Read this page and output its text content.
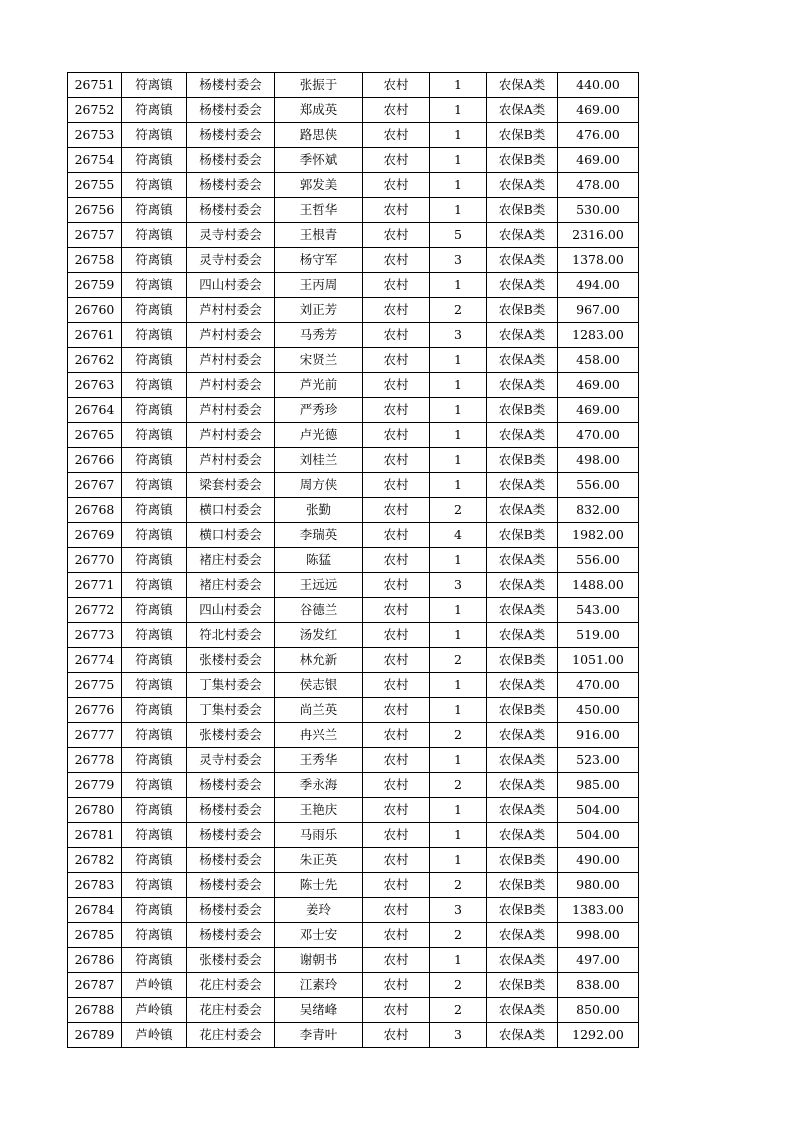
26751	符离镇	杨楼村委会	张振于	农村	1	农保A类	440.00
26752	符离镇	杨楼村委会	郑成英	农村	1	农保A类	469.00
26753	符离镇	杨楼村委会	路思侠	农村	1	农保B类	476.00
26754	符离镇	杨楼村委会	季怀斌	农村	1	农保B类	469.00
26755	符离镇	杨楼村委会	郭发美	农村	1	农保A类	478.00
26756	符离镇	杨楼村委会	王哲华	农村	1	农保B类	530.00
26757	符离镇	灵寺村委会	王根青	农村	5	农保A类	2316.00
26758	符离镇	灵寺村委会	杨守军	农村	3	农保A类	1378.00
26759	符离镇	四山村委会	王丙周	农村	1	农保A类	494.00
26760	符离镇	芦村村委会	刘正芳	农村	2	农保B类	967.00
26761	符离镇	芦村村委会	马秀芳	农村	3	农保A类	1283.00
26762	符离镇	芦村村委会	宋贤兰	农村	1	农保A类	458.00
26763	符离镇	芦村村委会	芦光前	农村	1	农保A类	469.00
26764	符离镇	芦村村委会	严秀珍	农村	1	农保B类	469.00
26765	符离镇	芦村村委会	卢光德	农村	1	农保A类	470.00
26766	符离镇	芦村村委会	刘桂兰	农村	1	农保B类	498.00
26767	符离镇	梁套村委会	周方侠	农村	1	农保A类	556.00
26768	符离镇	横口村委会	张勤	农村	2	农保A类	832.00
26769	符离镇	横口村委会	李瑞英	农村	4	农保B类	1982.00
26770	符离镇	褚庄村委会	陈猛	农村	1	农保A类	556.00
26771	符离镇	褚庄村委会	王远远	农村	3	农保A类	1488.00
26772	符离镇	四山村委会	谷德兰	农村	1	农保A类	543.00
26773	符离镇	符北村委会	汤发红	农村	1	农保A类	519.00
26774	符离镇	张楼村委会	林允新	农村	2	农保B类	1051.00
26775	符离镇	丁集村委会	侯志银	农村	1	农保A类	470.00
26776	符离镇	丁集村委会	尚兰英	农村	1	农保B类	450.00
26777	符离镇	张楼村委会	冉兴兰	农村	2	农保A类	916.00
26778	符离镇	灵寺村委会	王秀华	农村	1	农保A类	523.00
26779	符离镇	杨楼村委会	季永海	农村	2	农保A类	985.00
26780	符离镇	杨楼村委会	王艳庆	农村	1	农保A类	504.00
26781	符离镇	杨楼村委会	马雨乐	农村	1	农保A类	504.00
26782	符离镇	杨楼村委会	朱正英	农村	1	农保B类	490.00
26783	符离镇	杨楼村委会	陈士先	农村	2	农保B类	980.00
26784	符离镇	杨楼村委会	姜玲	农村	3	农保B类	1383.00
26785	符离镇	杨楼村委会	邓士安	农村	2	农保A类	998.00
26786	符离镇	张楼村委会	谢朝书	农村	1	农保A类	497.00
26787	芦岭镇	花庄村委会	江素玲	农村	2	农保B类	838.00
26788	芦岭镇	花庄村委会	吴绪峰	农村	2	农保A类	850.00
26789	芦岭镇	花庄村委会	李青叶	农村	3	农保A类	1292.00
